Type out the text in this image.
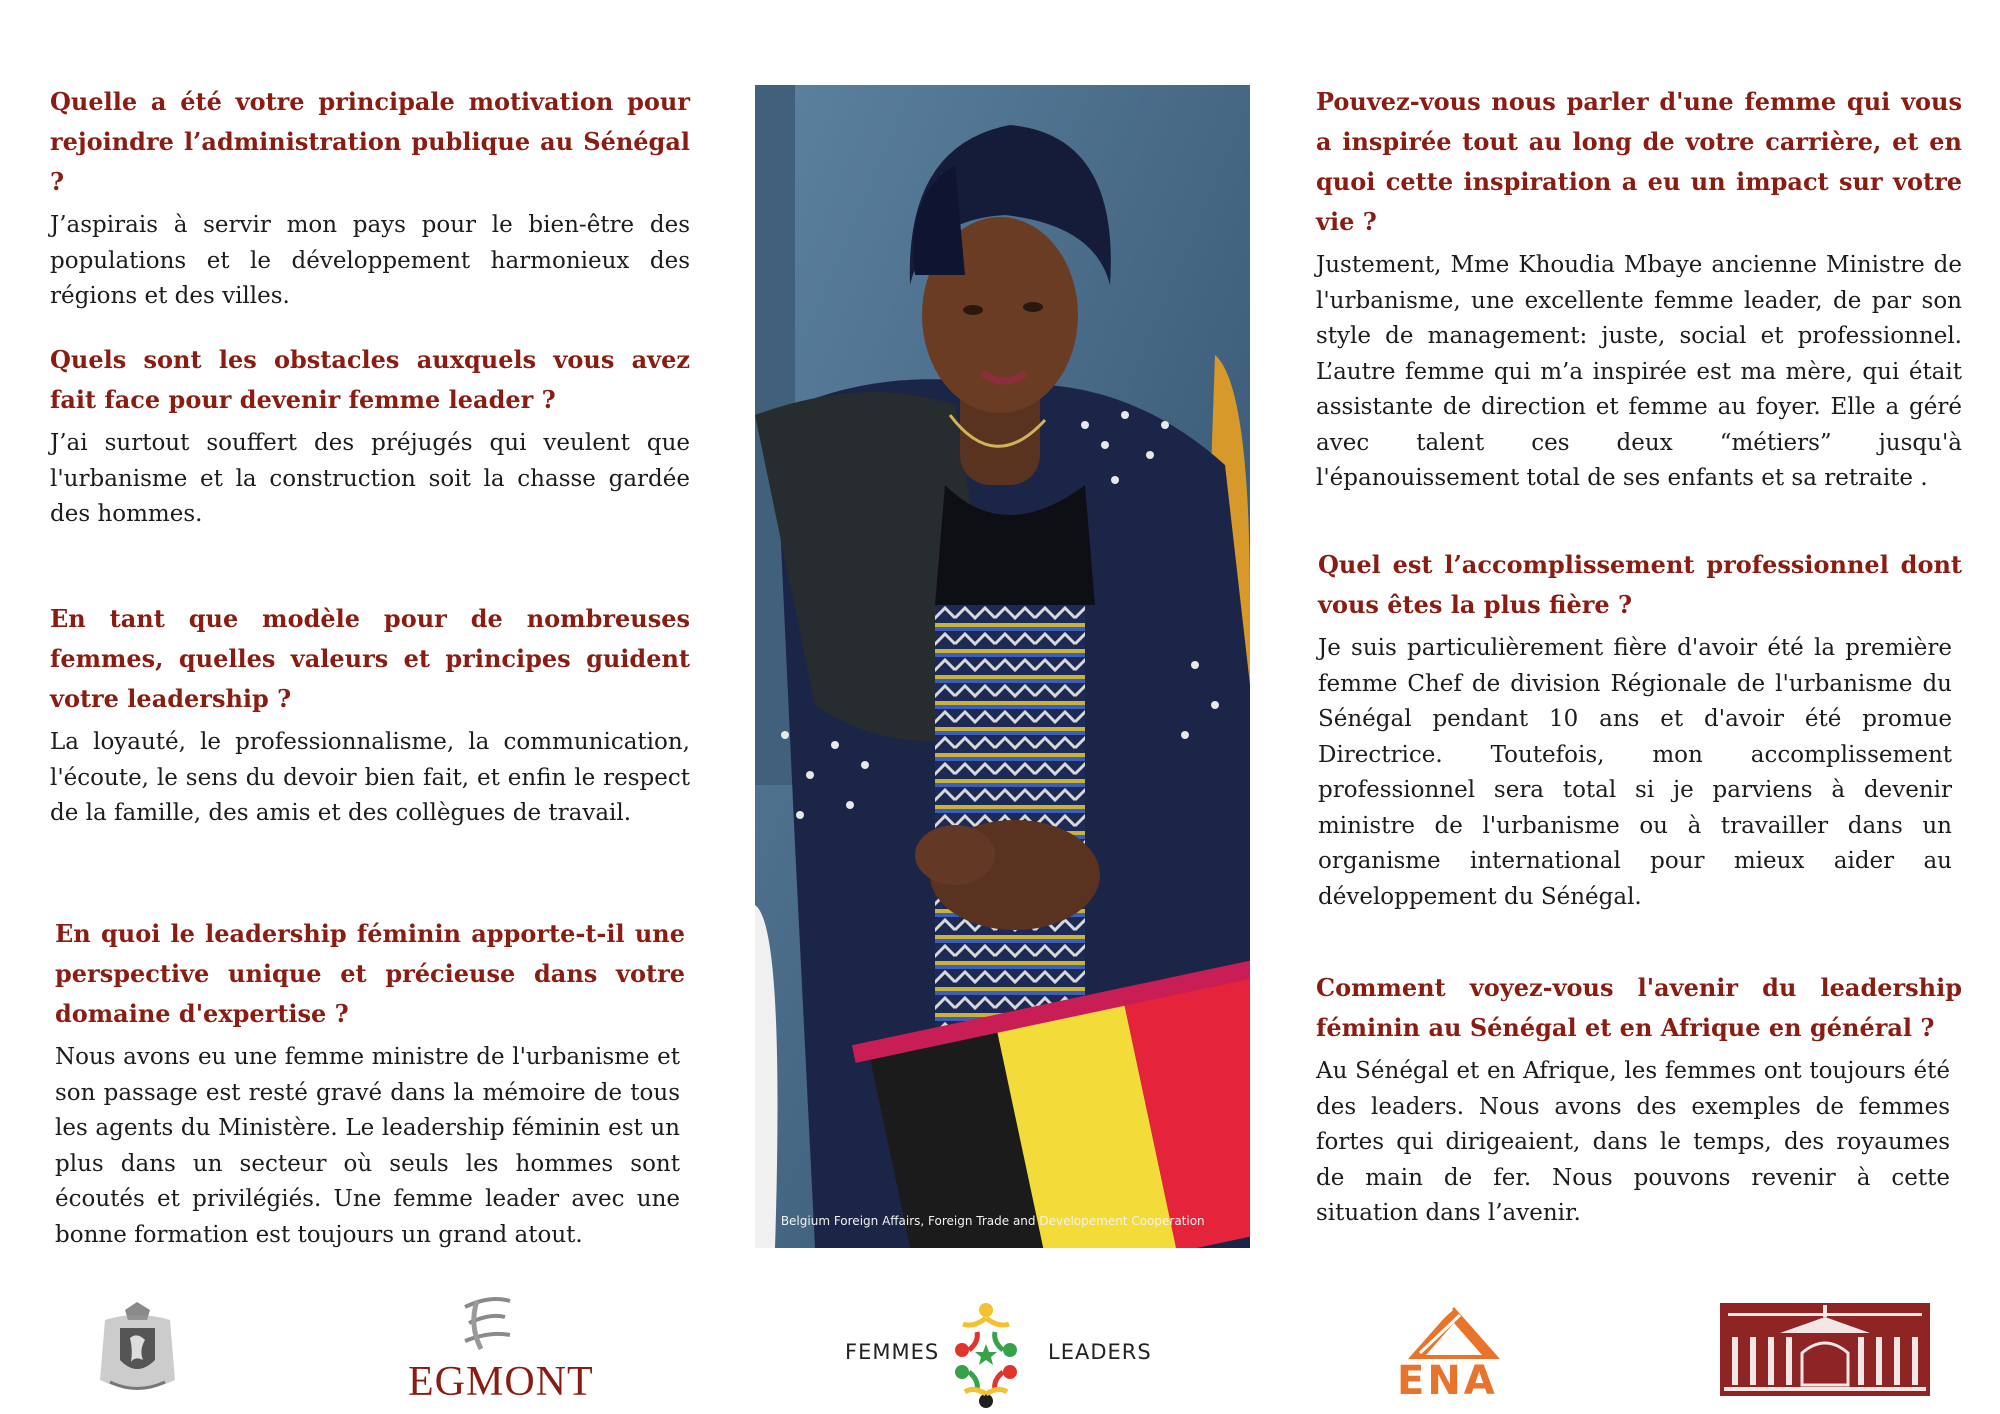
Quelle a été votre principale motivation pour rejoindre l’administration publique au Sénégal ?

J’aspirais à servir mon pays pour le bien-être des populations et le développement harmonieux des régions et des villes.

Quels sont les obstacles auxquels vous avez fait face pour devenir femme leader ?

J’ai surtout souffert des préjugés qui veulent que l'urbanisme et la construction soit la chasse gardée des hommes.

En tant que modèle pour de nombreuses femmes, quelles valeurs et principes guident votre leadership ?

La loyauté, le professionnalisme, la communication, l'écoute, le sens du devoir bien fait, et enfin le respect de la famille, des amis et des collègues de travail.

En quoi le leadership féminin apporte-t-il une perspective unique et précieuse dans votre domaine d'expertise ?

Nous avons eu une femme ministre de l'urbanisme et son passage est resté gravé dans la mémoire de tous les agents du Ministère. Le leadership féminin est un plus dans un secteur où seuls les hommes sont écoutés et privilégiés. Une femme leader avec une bonne formation est toujours un grand atout.

© Belgium Foreign Affairs, Foreign Trade and Developement Cooperation

Pouvez-vous nous parler d'une femme qui vous a inspirée tout au long de votre carrière, et en quoi cette inspiration a eu un impact sur votre vie ?

Justement, Mme Khoudia Mbaye ancienne Ministre de l'urbanisme, une excellente femme leader, de par son style de management: juste, social et professionnel. L’autre femme qui m’a inspirée est ma mère, qui était assistante de direction et femme au foyer. Elle a géré avec talent ces deux “métiers” jusqu'à l'épanouissement total de ses enfants et sa retraite .

Quel est l’accomplissement professionnel dont vous êtes la plus fière ?

Je suis particulièrement fière d'avoir été la première femme Chef de division Régionale de l'urbanisme du Sénégal pendant 10 ans et d'avoir été promue Directrice. Toutefois, mon accomplissement professionnel sera total si je parviens à devenir ministre de l'urbanisme ou à travailler dans un organisme international pour mieux aider au développement du Sénégal.

Comment voyez-vous l'avenir du leadership féminin au Sénégal et en Afrique en général ?

Au Sénégal et en Afrique, les femmes ont toujours été des leaders. Nous avons des exemples de femmes fortes qui dirigeaient, dans le temps, des royaumes de main de fer. Nous pouvons revenir à cette situation dans l’avenir.

EGMONT
FEMMES	LEADERS
ENA
